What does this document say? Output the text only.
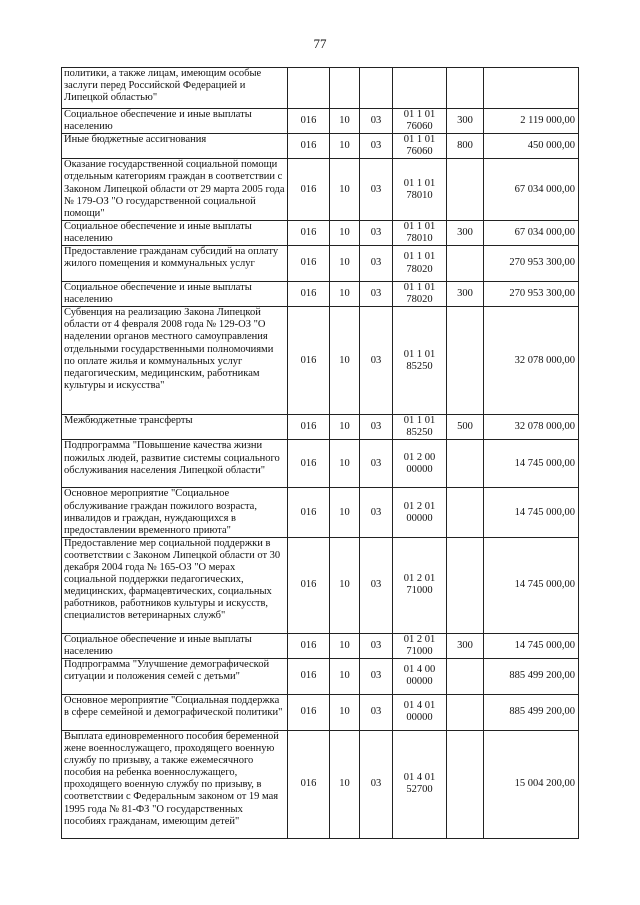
77
политики, а также лицам, имеющим особые заслуги перед Российской Федерацией и Липецкой областью"						
Социальное обеспечение и иные выплаты населению	016	10	03	01 1 01 76060	300	2 119 000,00
Иные бюджетные ассигнования	016	10	03	01 1 01 76060	800	450 000,00
Оказание государственной социальной помощи отдельным категориям граждан в соответствии с Законом Липецкой области от 29 марта 2005 года № 179-ОЗ "О государственной социальной помощи"	016	10	03	01 1 01 78010		67 034 000,00
Социальное обеспечение и иные выплаты населению	016	10	03	01 1 01 78010	300	67 034 000,00
Предоставление гражданам субсидий на оплату жилого помещения и коммунальных услуг	016	10	03	01 1 01 78020		270 953 300,00
Социальное обеспечение и иные выплаты населению	016	10	03	01 1 01 78020	300	270 953 300,00
Субвенция на реализацию Закона Липецкой области от 4 февраля 2008 года № 129-ОЗ "О наделении органов местного самоуправления отдельными государственными полномочиями по оплате жилья и коммунальных услуг педагогическим, медицинским, работникам культуры и искусства"	016	10	03	01 1 01 85250		32 078 000,00
Межбюджетные трансферты	016	10	03	01 1 01 85250	500	32 078 000,00
Подпрограмма "Повышение качества жизни пожилых людей, развитие системы социального обслуживания населения Липецкой области"	016	10	03	01 2 00 00000		14 745 000,00
Основное мероприятие "Социальное обслуживание граждан пожилого возраста, инвалидов и граждан, нуждающихся в предоставлении временного приюта"	016	10	03	01 2 01 00000		14 745 000,00
Предоставление мер социальной поддержки в соответствии с Законом Липецкой области от 30 декабря 2004 года № 165-ОЗ "О мерах социальной поддержки педагогических, медицинских, фармацевтических, социальных работников, работников культуры и искусств, специалистов ветеринарных служб"	016	10	03	01 2 01 71000		14 745 000,00
Социальное обеспечение и иные выплаты населению	016	10	03	01 2 01 71000	300	14 745 000,00
Подпрограмма "Улучшение демографической ситуации и положения семей с детьми"	016	10	03	01 4 00 00000		885 499 200,00
Основное мероприятие "Социальная поддержка в сфере семейной и демографической политики"	016	10	03	01 4 01 00000		885 499 200,00
Выплата единовременного пособия беременной жене военнослужащего, проходящего военную службу по призыву, а также ежемесячного пособия на ребенка военнослужащего, проходящего военную службу по призыву, в соответствии с Федеральным законом от 19 мая 1995 года № 81-ФЗ "О государственных пособиях гражданам, имеющим детей"	016	10	03	01 4 01 52700		15 004 200,00
